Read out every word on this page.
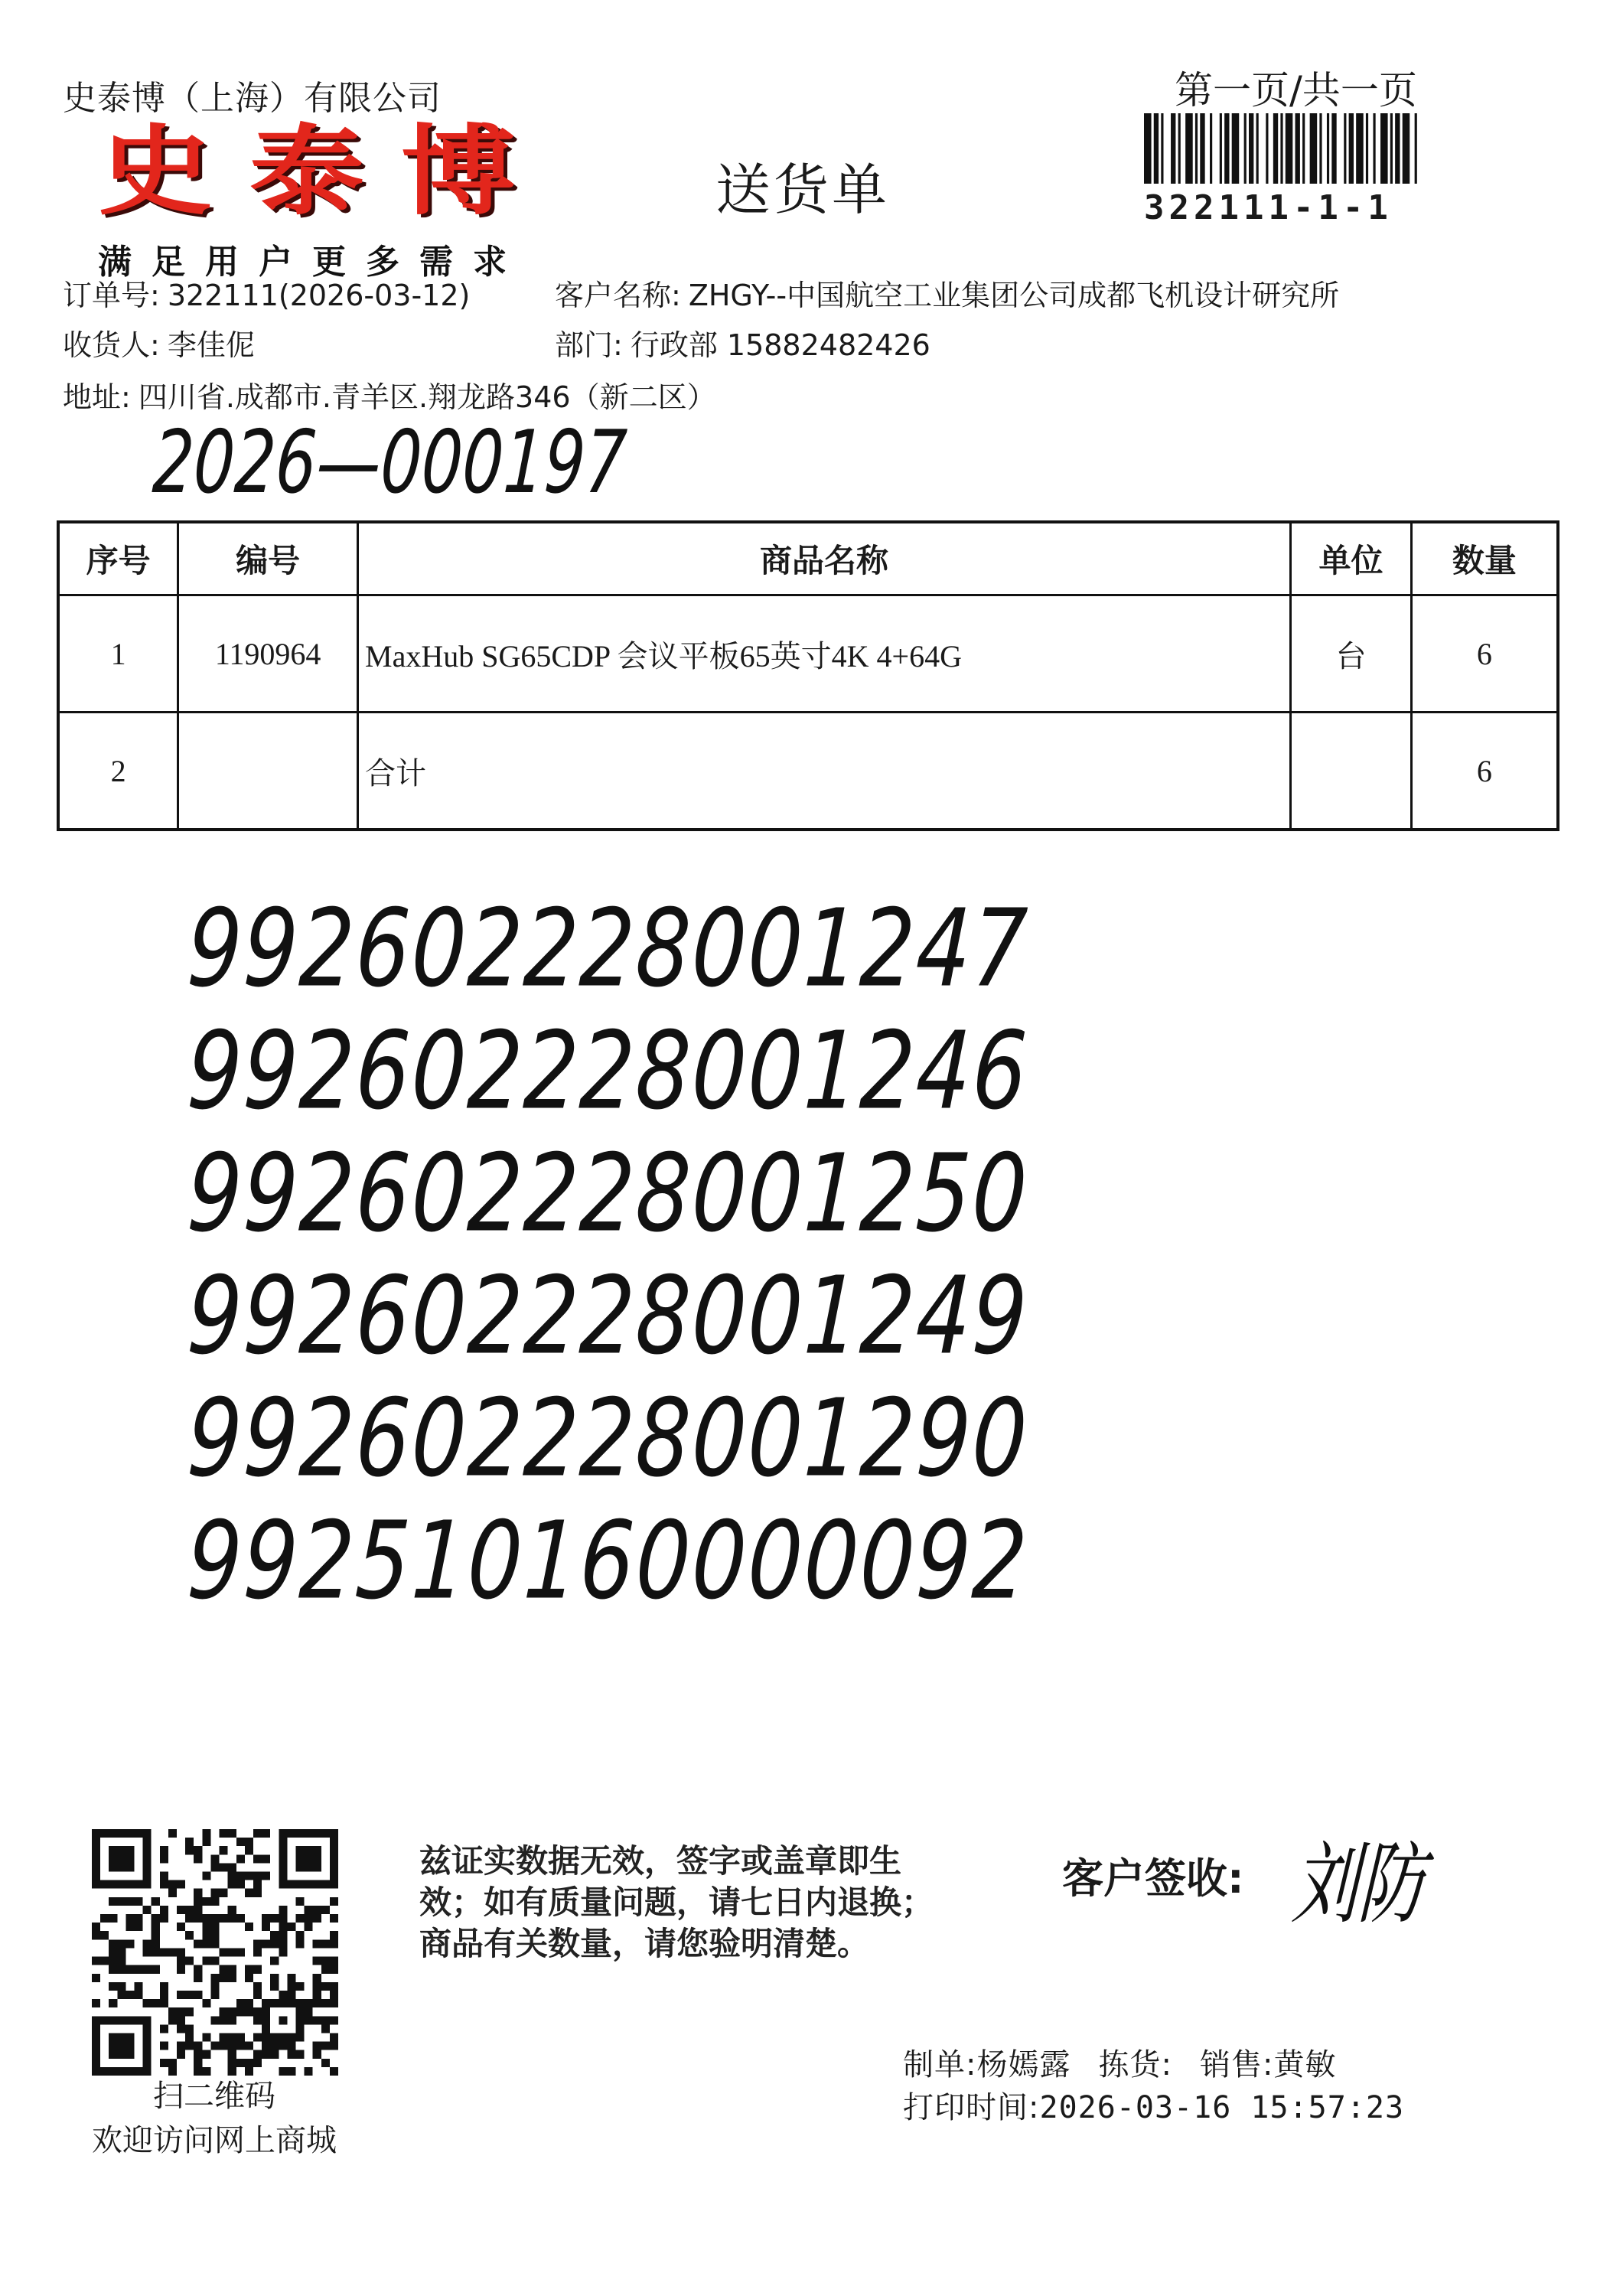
史泰博（上海）有限公司
史泰博
满足用户更多需求
送货单
第一页/共一页
322111-1-1
订单号: 322111(2026-03-12)	客户名称: ZHGY--中国航空工业集团公司成都飞机设计研究所
收货人: 李佳伲	部门: 行政部 15882482426
地址: 四川省.成都市.青羊区.翔龙路346（新二区）
2026—000197
序号	编号	商品名称	单位	数量
1	1190964	MaxHub SG65CDP 会议平板65英寸4K 4+64G	台	6
2		合计		6
992602228001247
992602228001246
992602228001250
992602228001249
992602228001290
992510160000092
扫二维码
欢迎访问网上商城
兹证实数据无效，签字或盖章即生
效；如有质量问题，请七日内退换；
商品有关数量，请您验明清楚。
客户签收: 刘防
制单:杨嫣露 拣货: 销售:黄敏
打印时间:2026-03-16 15:57:23
